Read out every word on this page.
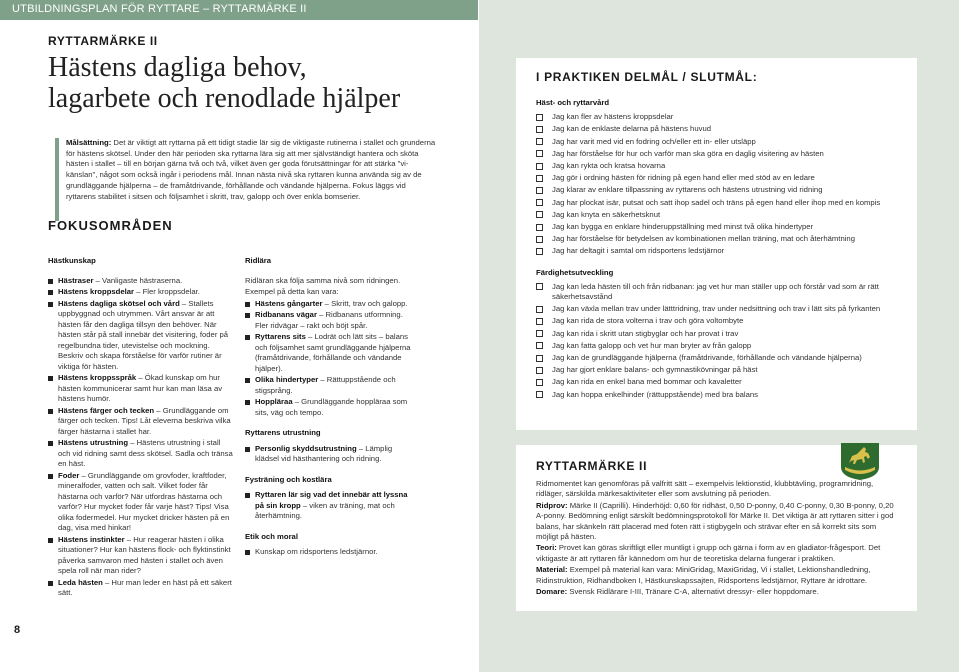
UTBILDNINGSPLAN FÖR RYTTARE – RYTTARMÄRKE II
RYTTARMÄRKE II
Hästens dagliga behov,
lagarbete och renodlade hjälper
Målsättning: Det är viktigt att ryttarna på ett tidigt stadie lär sig de viktigaste rutinerna i stallet och grunderna för hästens skötsel. Under den här perioden ska ryttarna lära sig att mer självständigt hantera och sköta hästen i stallet – till en början gärna två och två, vilket även ger goda förutsättningar för att stärka "vi-känslan", något som också ingår i periodens mål. Innan nästa nivå ska ryttaren kunna använda sig av de grundläggande hjälperna – de framåtdrivande, förhållande och vändande hjälperna. Fokus läggs vid ryttarens stabilitet i sitsen och följsamhet i skritt, trav, galopp och över enkla bomserier.
FOKUSOMRÅDEN
Hästkunskap
Hästraser – Vanligaste hästraserna.
Hästens kroppsdelar – Fler kroppsdelar.
Hästens dagliga skötsel och vård – Stallets uppbyggnad och utrymmen. Vårt ansvar är att hästen får den dagliga tillsyn den behöver. När hästen står på stall innebär det visitering, foder på regelbundna tider, utevistelse och mockning. Beskriv och skapa förståelse för varför rutiner är viktiga för hästen.
Hästens kroppsspråk – Ökad kunskap om hur hästen kommunicerar samt hur kan man läsa av hästens humör.
Hästens färger och tecken – Grundläggande om färger och tecken. Tips! Låt eleverna beskriva vilka färger hästarna i stallet har.
Hästens utrustning – Hästens utrustning i stall och vid ridning samt dess skötsel. Sadla och tränsa en häst.
Foder – Grundläggande om grovfoder, kraftfoder, mineralfoder, vatten och salt. Vilket foder får hästarna och varför? När utfordras hästarna och varför? Hur mycket foder får varje häst? Tips! Visa olika fodermedel. Hur mycket dricker hästen på en dag, visa med hinkar!
Hästens instinkter – Hur reagerar hästen i olika situationer? Hur kan hästens flock- och flyktinstinkt påverka samvaron med hästen i stallet och även spela roll när man rider?
Leda hästen – Hur man leder en häst på ett säkert sätt.
Ridlära

Ridläran ska följa samma nivå som ridningen.

Exempel på detta kan vara:

Hästens gångarter – Skritt, trav och galopp.
Ridbanans vägar – Ridbanans utformning. Fler ridvägar – rakt och böjt spår.
Ryttarens sits – Lodrät och lätt sits – balans och följsamhet samt grundläggande hjälperna (framåtdrivande, förhållande och vändande hjälper).
Olika hindertyper – Rättuppstående och stigsprång.
Hoppläraa – Grundläggande hoppläraa som sits, väg och tempo.
Ryttarens utrustning
Personlig skyddsutrustning – Lämplig klädsel vid hästhantering och ridning.
Fysträning och kostlära
Ryttaren lär sig vad det innebär att lyssna på sin kropp – viken av träning, mat och återhämtning.
Etik och moral
Kunskap om ridsportens ledstjärnor.
8
I PRAKTIKEN DELMÅL / SLUTMÅL:
Häst- och ryttarvård
Jag kan fler av hästens kroppsdelar
Jag kan de enklaste delarna på hästens huvud
Jag har varit med vid en fodring och/eller ett in- eller utsläpp
Jag har förståelse för hur och varför man ska göra en daglig visitering av hästen
Jag kan rykta och kratsa hovarna
Jag gör i ordning hästen för ridning på egen hand eller med stöd av en ledare
Jag klarar av enklare tillpassning av ryttarens och hästens utrustning vid ridning
Jag har plockat isär, putsat och satt ihop sadel och träns på egen hand eller ihop med en kompis
Jag kan knyta en säkerhetsknut
Jag kan bygga en enklare hinderuppställning med minst två olika hindertyper
Jag har förståelse för betydelsen av kombinationen mellan träning, mat och återhämtning
Jag har deltagit i samtal om ridsportens ledstjärnor
Färdighetsutveckling
Jag kan leda hästen till och från ridbanan: jag vet hur man ställer upp och förstår vad som är rätt säkerhetsavstånd
Jag kan växla mellan trav under lätttridning, trav under nedsittning och trav i lätt sits på fyrkanten
Jag kan rida de stora volterna i trav och göra voltombyte
Jag kan rida i skritt utan stigbyglar och har provat i trav
Jag kan fatta galopp och vet hur man bryter av från galopp
Jag kan de grundläggande hjälperna (framåtdrivande, förhållande och vändande hjälperna)
Jag har gjort enklare balans- och gymnastikövningar på häst
Jag kan rida en enkel bana med bommar och kavaletter
Jag kan hoppa enkelhinder (rättuppstående) med bra balans
RYTTARMÄRKE II

Ridmomentet kan genomföras på valfritt sätt – exempelvis lektionstid, klubbtävling, programridning, ridläger, särskilda märkesaktiviteter eller som avslutning på perioden.

Ridprov: Märke II (Caprilli). Hinderhöjd: 0,60 för ridhäst, 0,50 D-ponny, 0,40 C-ponny, 0,30 B-ponny, 0,20 A-ponny. Bedömning enligt särskilt bedömningsprotokoll för Märke II. Det viktiga är att ryttaren sitter i god balans, har skänkeln rätt placerad med foten rätt i stigbygeln och strävar efter en så korrekt sits som möjligt på hästen.

Teori: Provet kan göras skriftligt eller muntligt i grupp och gärna i form av en gladiator-frågesport. Det viktigaste är att ryttaren får kännedom om hur de teoretiska delarna fungerar i praktiken.

Material: Exempel på material kan vara: MiniGridag, MaxiGridag, Vi i stallet, Lektionshandledning, Ridinstruktion, Ridhandboken I, Hästkunskapssajten, Ridsportens ledstjärnor, Ryttare är idrottare.

Domare: Svensk Ridlärare I-III, Tränare C-A, alternativt dressyr- eller hoppdomare.
